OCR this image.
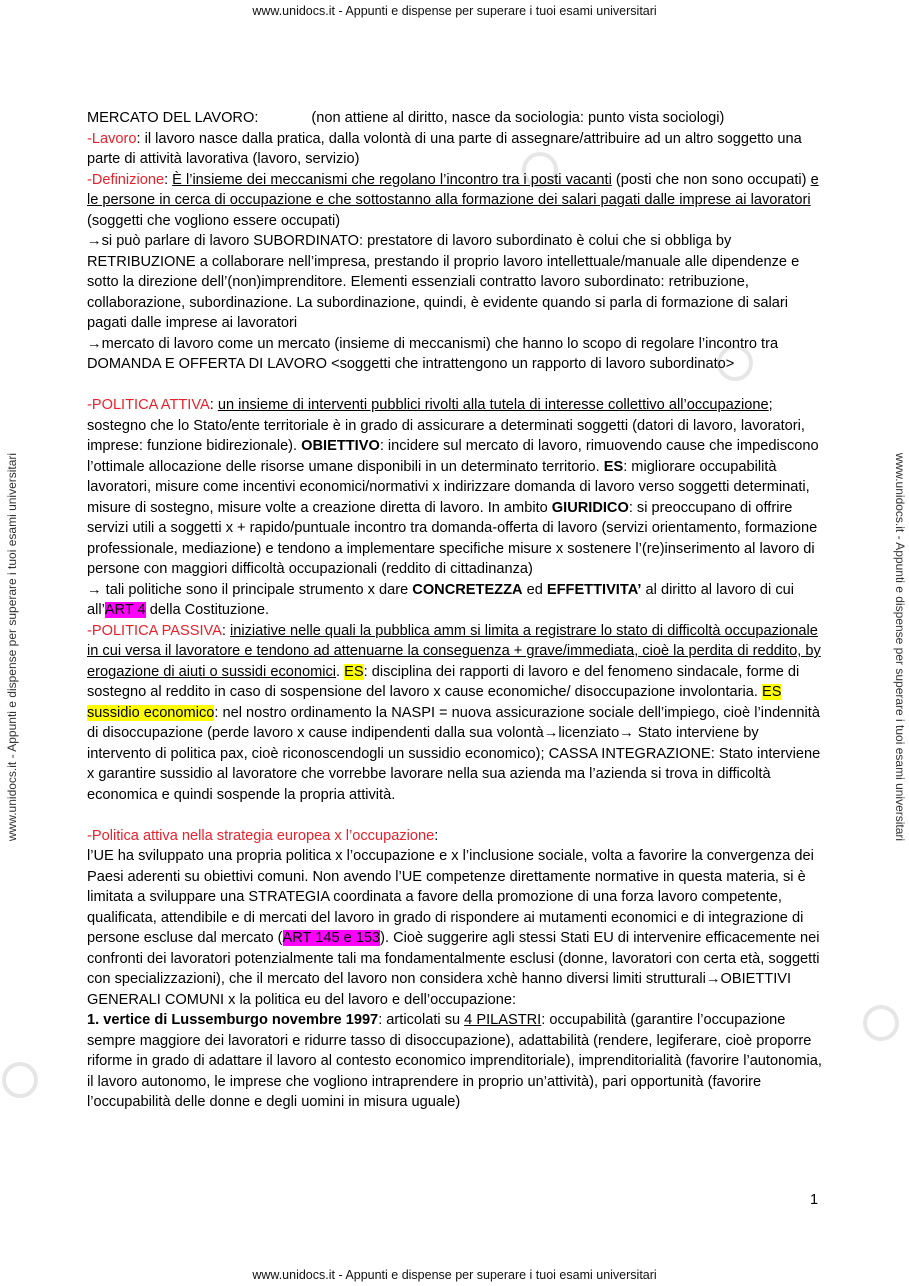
www.unidocs.it - Appunti e dispense per superare i tuoi esami universitari
www.unidocs.it - Appunti e dispense per superare i tuoi esami universitari
www.unidocs.it - Appunti e dispense per superare i tuoi esami universitari	www.unidocs.it - Appunti e dispense per superare i tuoi esami universitari

MERCATO DEL LAVORO:	(non attiene al diritto, nasce da sociologia: punto vista sociologi)

-Lavoro: il lavoro nasce dalla pratica, dalla volontà di una parte di assegnare/attribuire ad un altro soggetto una parte di attività lavorativa (lavoro, servizio)

-Definizione: È l’insieme dei meccanismi che regolano l’incontro tra i posti vacanti (posti che non sono occupati) e le persone in cerca di occupazione e che sottostanno alla formazione dei salari pagati dalle imprese ai lavoratori (soggetti che vogliono essere occupati)

→si può parlare di lavoro SUBORDINATO: prestatore di lavoro subordinato è colui che si obbliga by RETRIBUZIONE a collaborare nell’impresa, prestando il proprio lavoro intellettuale/manuale alle dipendenze e sotto la direzione dell’(non)imprenditore. Elementi essenziali contratto lavoro subordinato: retribuzione, collaborazione, subordinazione. La subordinazione, quindi, è evidente quando si parla di formazione di salari pagati dalle imprese ai lavoratori

→mercato di lavoro come un mercato (insieme di meccanismi) che hanno lo scopo di regolare l’incontro tra DOMANDA E OFFERTA DI LAVORO <soggetti che intrattengono un rapporto di lavoro subordinato>

-POLITICA ATTIVA: un insieme di interventi pubblici rivolti alla tutela di interesse collettivo all’occupazione; sostegno che lo Stato/ente territoriale è in grado di assicurare a determinati soggetti (datori di lavoro, lavoratori, imprese: funzione bidirezionale). OBIETTIVO: incidere sul mercato di lavoro, rimuovendo cause che impediscono l’ottimale allocazione delle risorse umane disponibili in un determinato territorio. ES: migliorare occupabilità lavoratori, misure come incentivi economici/normativi x indirizzare domanda di lavoro verso soggetti determinati, misure di sostegno, misure volte a creazione diretta di lavoro. In ambito GIURIDICO: si preoccupano di offrire servizi utili a soggetti x + rapido/puntuale incontro tra domanda-offerta di lavoro (servizi orientamento, formazione professionale, mediazione) e tendono a implementare specifiche misure x sostenere l’(re)inserimento al lavoro di persone con maggiori difficoltà occupazionali (reddito di cittadinanza)

→ tali politiche sono il principale strumento x dare CONCRETEZZA ed EFFETTIVITA’ al diritto al lavoro di cui all’ART 4 della Costituzione.

-POLITICA PASSIVA: iniziative nelle quali la pubblica amm si limita a registrare lo stato di difficoltà occupazionale in cui versa il lavoratore e tendono ad attenuarne la conseguenza + grave/immediata, cioè la perdita di reddito, by erogazione di aiuti o sussidi economici. ES: disciplina dei rapporti di lavoro e del fenomeno sindacale, forme di sostegno al reddito in caso di sospensione del lavoro x cause economiche/ disoccupazione involontaria. ES sussidio economico: nel nostro ordinamento la NASPI = nuova assicurazione sociale dell’impiego, cioè l’indennità di disoccupazione (perde lavoro x cause indipendenti dalla sua volontà→licenziato→ Stato interviene by intervento di politica pax, cioè riconoscendogli un sussidio economico); CASSA INTEGRAZIONE: Stato interviene x garantire sussidio al lavoratore che vorrebbe lavorare nella sua azienda ma l’azienda si trova in difficoltà economica e quindi sospende la propria attività.

-Politica attiva nella strategia europea x l’occupazione:

l’UE ha sviluppato una propria politica x l’occupazione e x l’inclusione sociale, volta a favorire la convergenza dei Paesi aderenti su obiettivi comuni. Non avendo l’UE competenze direttamente normative in questa materia, si è limitata a sviluppare una STRATEGIA coordinata a favore della promozione di una forza lavoro competente, qualificata, attendibile e di mercati del lavoro in grado di rispondere ai mutamenti economici e di integrazione di persone escluse dal mercato (ART 145 e 153). Cioè suggerire agli stessi Stati EU di intervenire efficacemente nei confronti dei lavoratori potenzialmente tali ma fondamentalmente esclusi (donne, lavoratori con certa età, soggetti con specializzazioni), che il mercato del lavoro non considera xchè hanno diversi limiti strutturali→OBIETTIVI GENERALI COMUNI x la politica eu del lavoro e dell’occupazione:

1. vertice di Lussemburgo novembre 1997: articolati su 4 PILASTRI: occupabilità (garantire l’occupazione sempre maggiore dei lavoratori e ridurre tasso di disoccupazione), adattabilità (rendere, legiferare, cioè proporre riforme in grado di adattare il lavoro al contesto economico imprenditoriale), imprenditorialità (favorire l’autonomia, il lavoro autonomo, le imprese che vogliono intraprendere in proprio un’attività), pari opportunità (favorire l’occupabilità delle donne e degli uomini in misura uguale)

1
